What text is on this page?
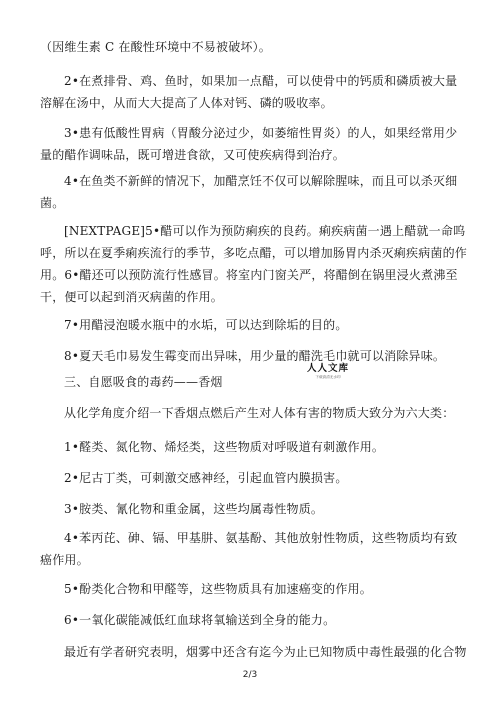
（因维生素 C 在酸性环境中不易被破坏）。

2•在煮排骨、鸡、鱼时，如果加一点醋，可以使骨中的钙质和磷质被大量溶解在汤中，从而大大提高了人体对钙、磷的吸收率。

3•患有低酸性胃病（胃酸分泌过少，如萎缩性胃炎）的人，如果经常用少量的醋作调味品，既可增进食欲，又可使疾病得到治疗。

4•在鱼类不新鲜的情况下，加醋烹饪不仅可以解除腥味，而且可以杀灭细菌。

[NEXTPAGE]5•醋可以作为预防痢疾的良药。痢疾病菌一遇上醋就一命呜呼，所以在夏季痢疾流行的季节，多吃点醋，可以增加肠胃内杀灭痢疾病菌的作用。6•醋还可以预防流行性感冒。将室内门窗关严，将醋倒在锅里浸火煮沸至干，便可以起到消灭病菌的作用。

7•用醋浸泡暖水瓶中的水垢，可以达到除垢的目的。

8•夏天毛巾易发生霉变而出异味，用少量的醋洗毛巾就可以消除异味。

三、自愿吸食的毒药——香烟

人人文库
下载高清无水印

从化学角度介绍一下香烟点燃后产生对人体有害的物质大致分为六大类：

1•醛类、氮化物、烯烃类，这些物质对呼吸道有刺激作用。

2•尼古丁类，可刺激交感神经，引起血管内膜损害。

3•胺类、氰化物和重金属，这些均属毒性物质。

4•苯丙芘、砷、镉、甲基肼、氨基酚、其他放射性物质，这些物质均有致癌作用。

5•酚类化合物和甲醛等，这些物质具有加速癌变的作用。

6•一氧化碳能减低红血球将氧输送到全身的能力。

最近有学者研究表明，烟雾中还含有迄今为止已知物质中毒性最强的化合物

2/3
